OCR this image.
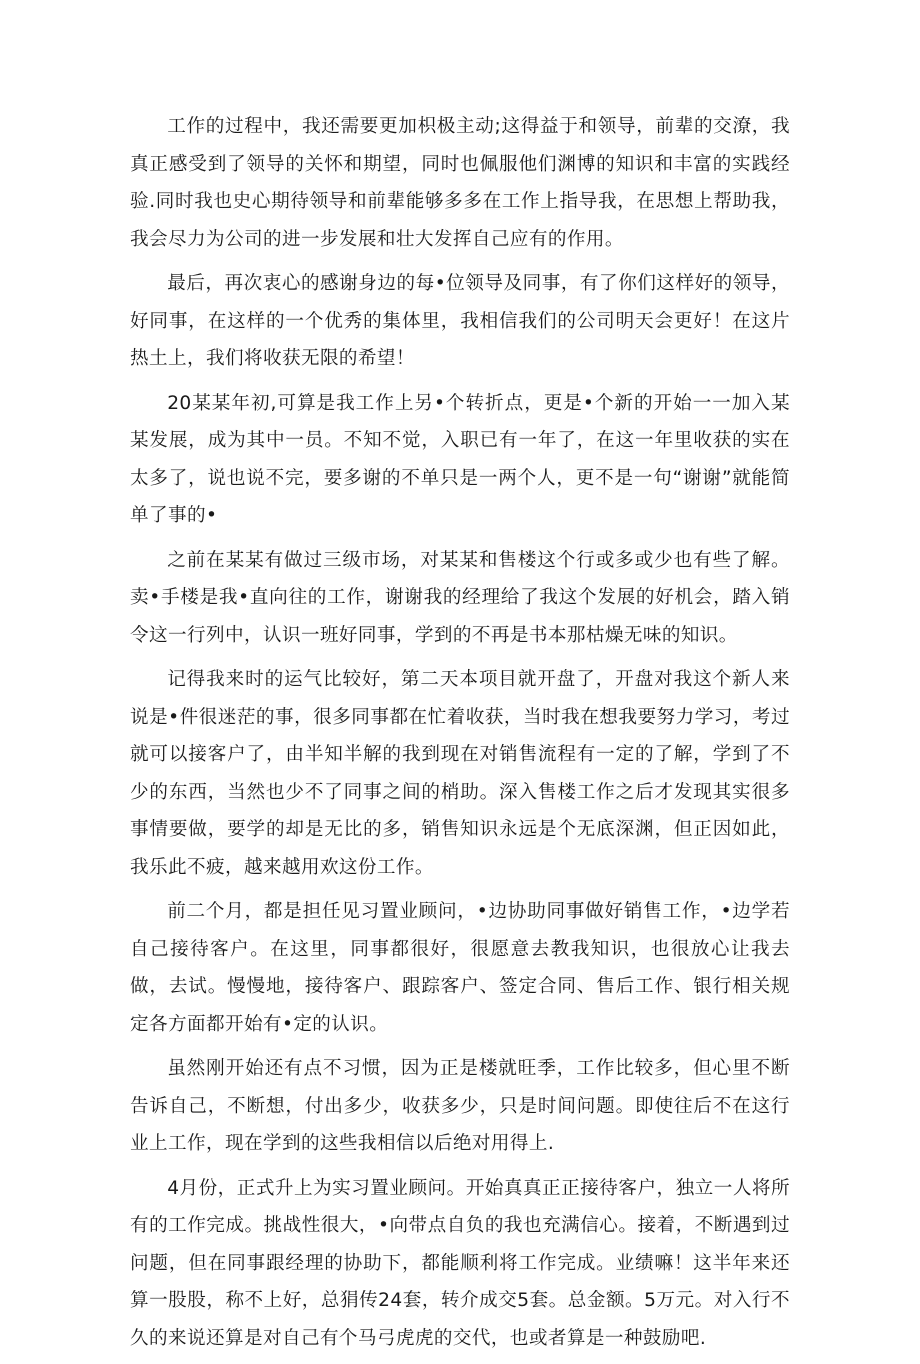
工作的过程中，我还需要更加枳极主动;这得益于和领导，前辈的交潦，我真正感受到了领导的关怀和期望，同时也佩服他们渊博的知识和丰富的实践经验.同时我也史心期待领导和前辈能够多多在工作上指导我，在思想上帮助我，我会尽力为公司的进一步发展和壮大发挥自己应有的作用。

最后，再次衷心的感谢身边的每•位领导及同事，有了你们这样好的领导，好同事，在这样的一个优秀的集体里，我相信我们的公司明天会更好！在这片热土上，我们将收获无限的希望！

20某某年初,可算是我工作上另•个转折点，更是•个新的开始一一加入某某发展，成为其中一员。不知不觉，入职已有一年了，在这一年里收获的实在太多了，说也说不完，要多谢的不单只是一两个人，更不是一句“谢谢”就能简单了事的•

之前在某某有做过三级市场，对某某和售楼这个行或多或少也有些了解。卖•手楼是我•直向往的工作，谢谢我的经理给了我这个发展的好机会，踏入销令这一行列中，认识一班好同事，学到的不再是书本那枯燥无味的知识。

记得我来时的运气比较好，第二天本项目就开盘了，开盘对我这个新人来说是•件很迷茫的事，很多同事都在忙着收获，当时我在想我要努力学习，考过就可以接客户了，由半知半解的我到现在对销售流程有一定的了解，学到了不少的东西，当然也少不了同事之间的梢助。深入售楼工作之后才发现其实很多事情要做，要学的却是无比的多，销售知识永远是个无底深渊，但正因如此，我乐此不疲，越来越用欢这份工作。

前二个月，都是担任见习置业顾问，•边协助同事做好销售工作，•边学若自己接待客户。在这里，同事都很好，很愿意去教我知识，也很放心让我去做，去试。慢慢地，接待客户、跟踪客户、签定合同、售后工作、银行相关规定各方面都开始有•定的认识。

虽然刚开始还有点不习惯，因为正是楼就旺季，工作比较多，但心里不断告诉自己，不断想，付出多少，收获多少，只是时间问题。即使往后不在这行业上工作，现在学到的这些我相信以后绝对用得上.

4月份，正式升上为实习置业顾问。开始真真正正接待客户，独立一人将所有的工作完成。挑战性很大，•向带点自负的我也充满信心。接着，不断遇到过问题，但在同事跟经理的协助下，都能顺利将工作完成。业绩嘛！这半年来还算一股股，称不上好，总狷传24套，转介成交5套。总金额。5万元。对入行不久的来说还算是对自己有个马弓虎虎的交代，也或者算是一种鼓励吧.
